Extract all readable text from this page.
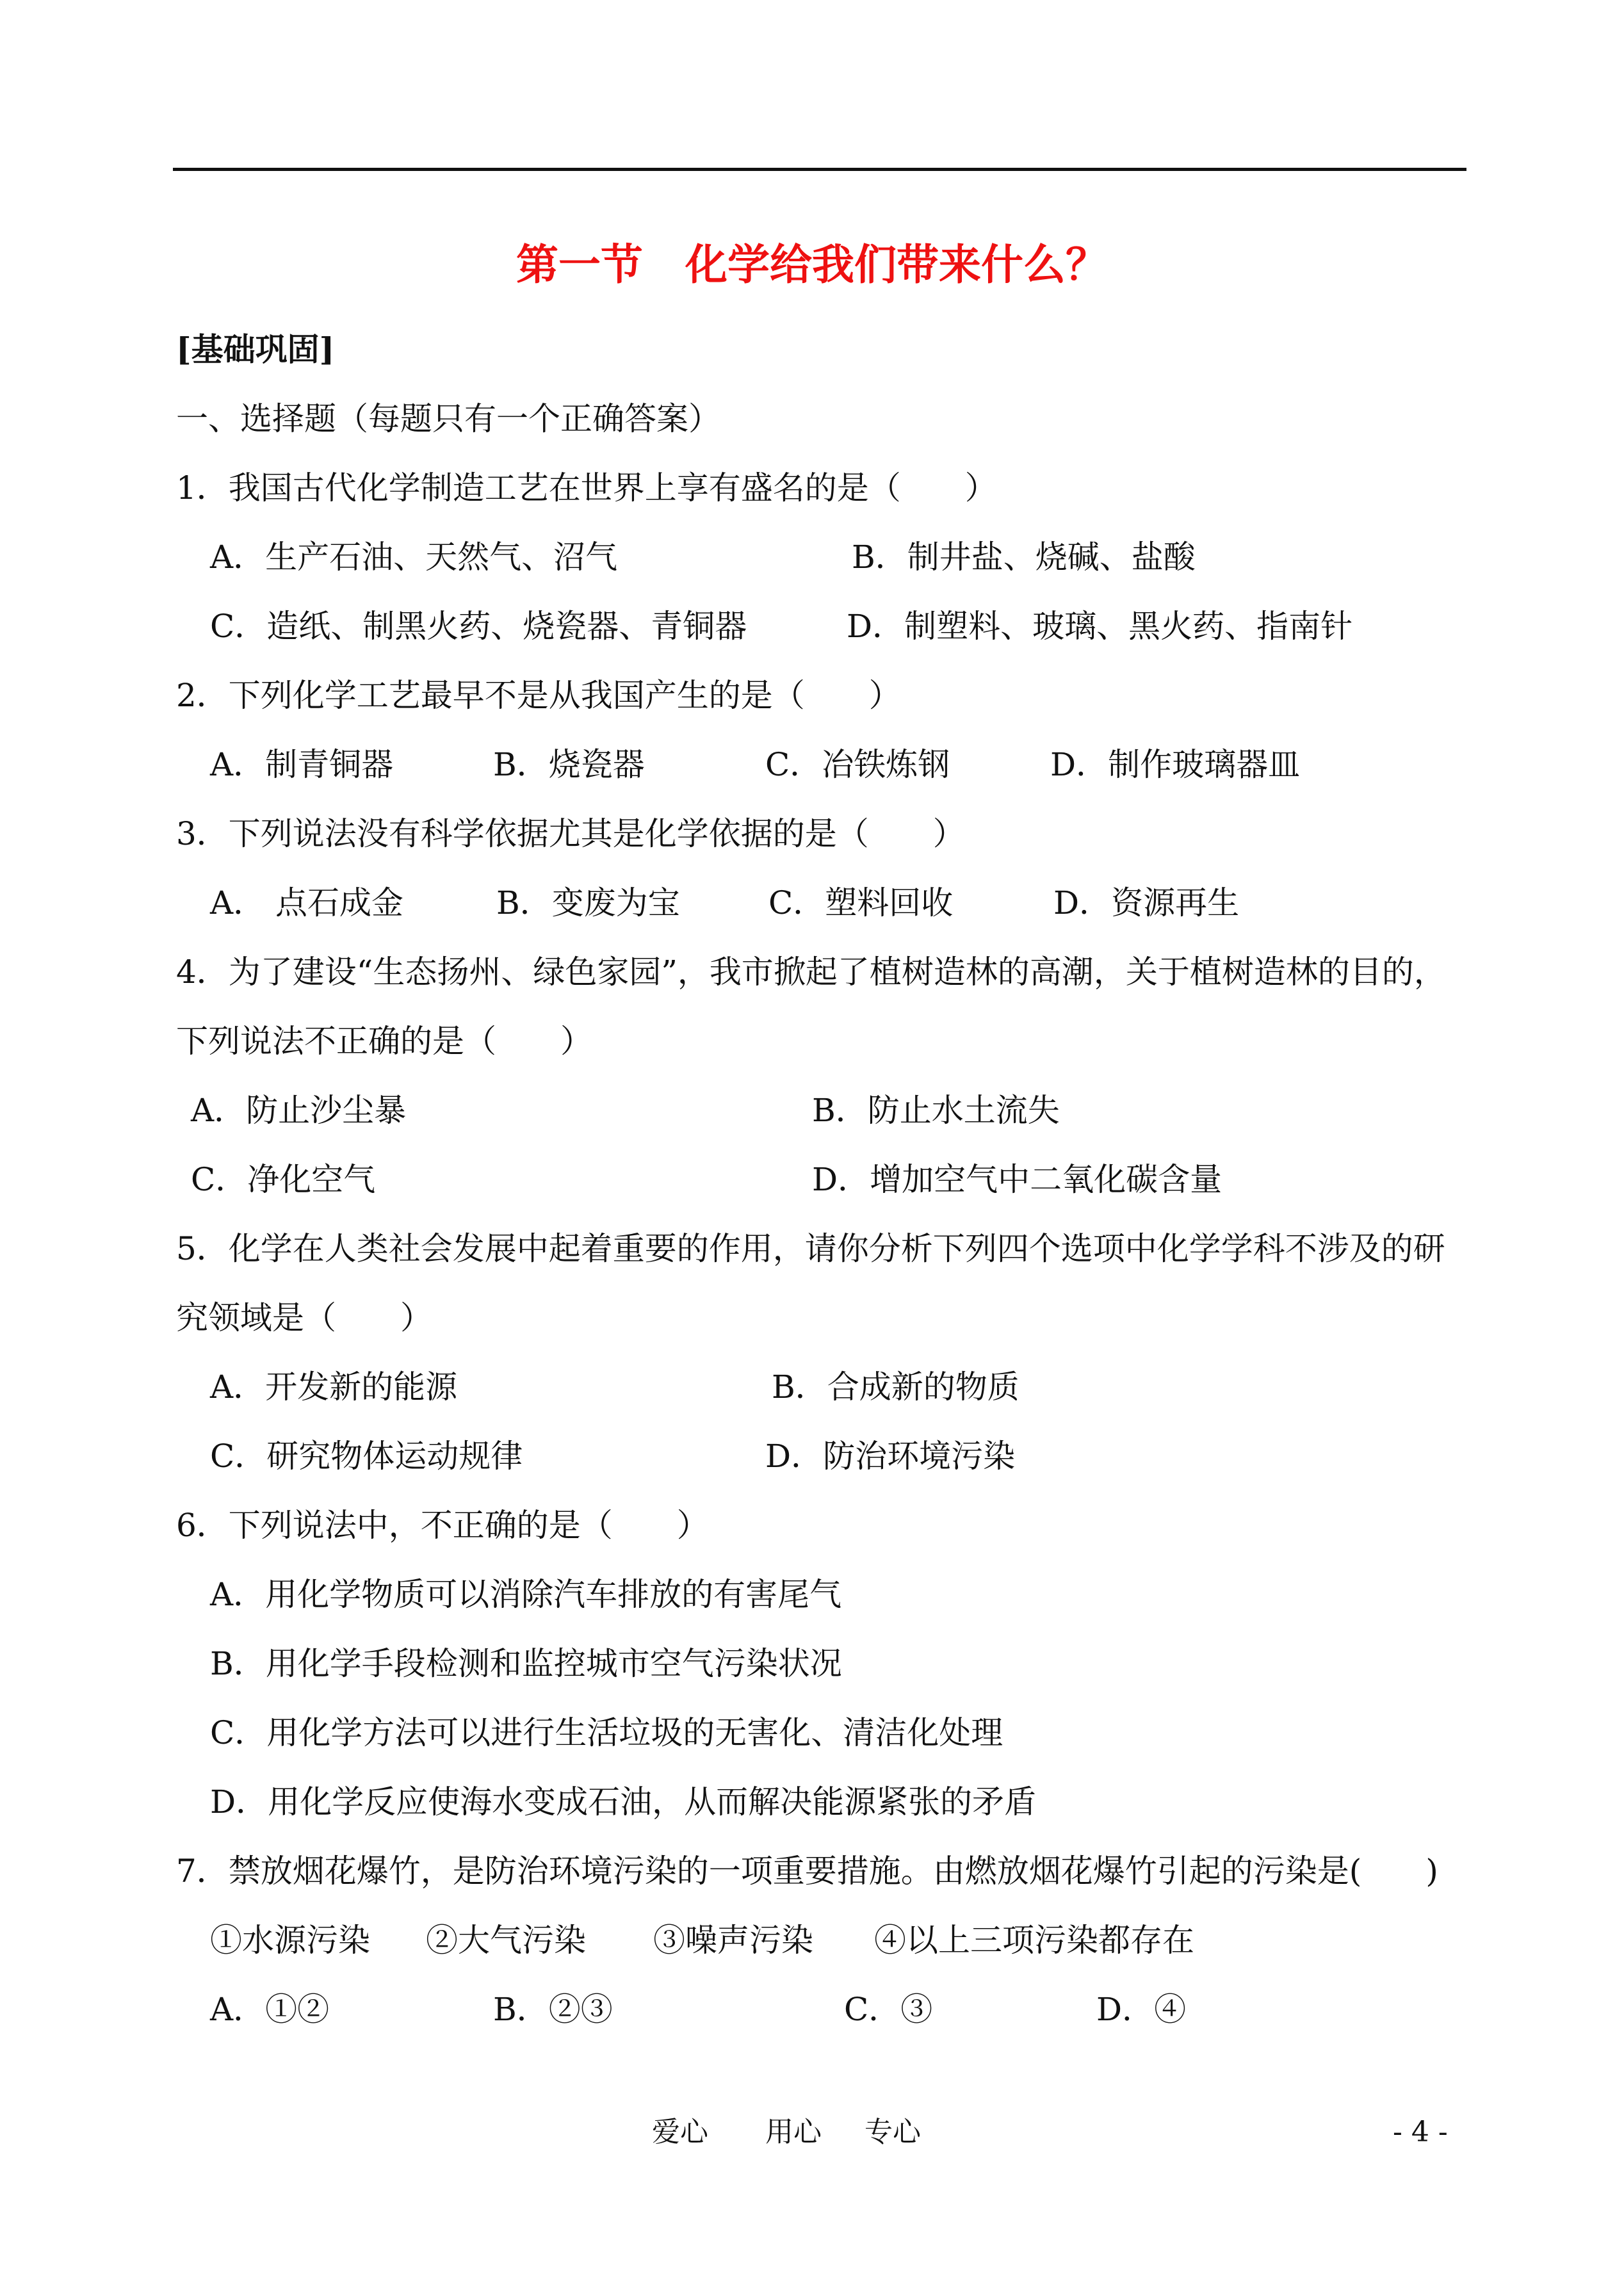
第一节　化学给我们带来什么？
[基础巩固]
一、选择题（每题只有一个正确答案）
1．我国古代化学制造工艺在世界上享有盛名的是（　　）
A．生产石油、天然气、沼气	B．制井盐、烧碱、盐酸
C．造纸、制黑火药、烧瓷器、青铜器	D．制塑料、玻璃、黑火药、指南针
2．下列化学工艺最早不是从我国产生的是（　　）
A．制青铜器	B．烧瓷器	C．冶铁炼钢	D．制作玻璃器皿
3．下列说法没有科学依据尤其是化学依据的是（　　）
A． 点石成金	B．变废为宝	C．塑料回收	D．资源再生
4．为了建设“生态扬州、绿色家园”，我市掀起了植树造林的高潮，关于植树造林的目的，
下列说法不正确的是（　　）
A．防止沙尘暴	B．防止水土流失
C．净化空气	D．增加空气中二氧化碳含量
5．化学在人类社会发展中起着重要的作用，请你分析下列四个选项中化学学科不涉及的研
究领域是（　　）
A．开发新的能源	B．合成新的物质
C．研究物体运动规律	D．防治环境污染
6．下列说法中，不正确的是（　　）
A．用化学物质可以消除汽车排放的有害尾气
B．用化学手段检测和监控城市空气污染状况
C．用化学方法可以进行生活垃圾的无害化、清洁化处理
D．用化学反应使海水变成石油，从而解决能源紧张的矛盾
7．禁放烟花爆竹，是防治环境污染的一项重要措施。由燃放烟花爆竹引起的污染是(　　)
①水源污染 ②大气污染 ③噪声污染 ④以上三项污染都存在
A．①②	B．②③	C．③	D．④
爱心 用心 专心	- 4 -
